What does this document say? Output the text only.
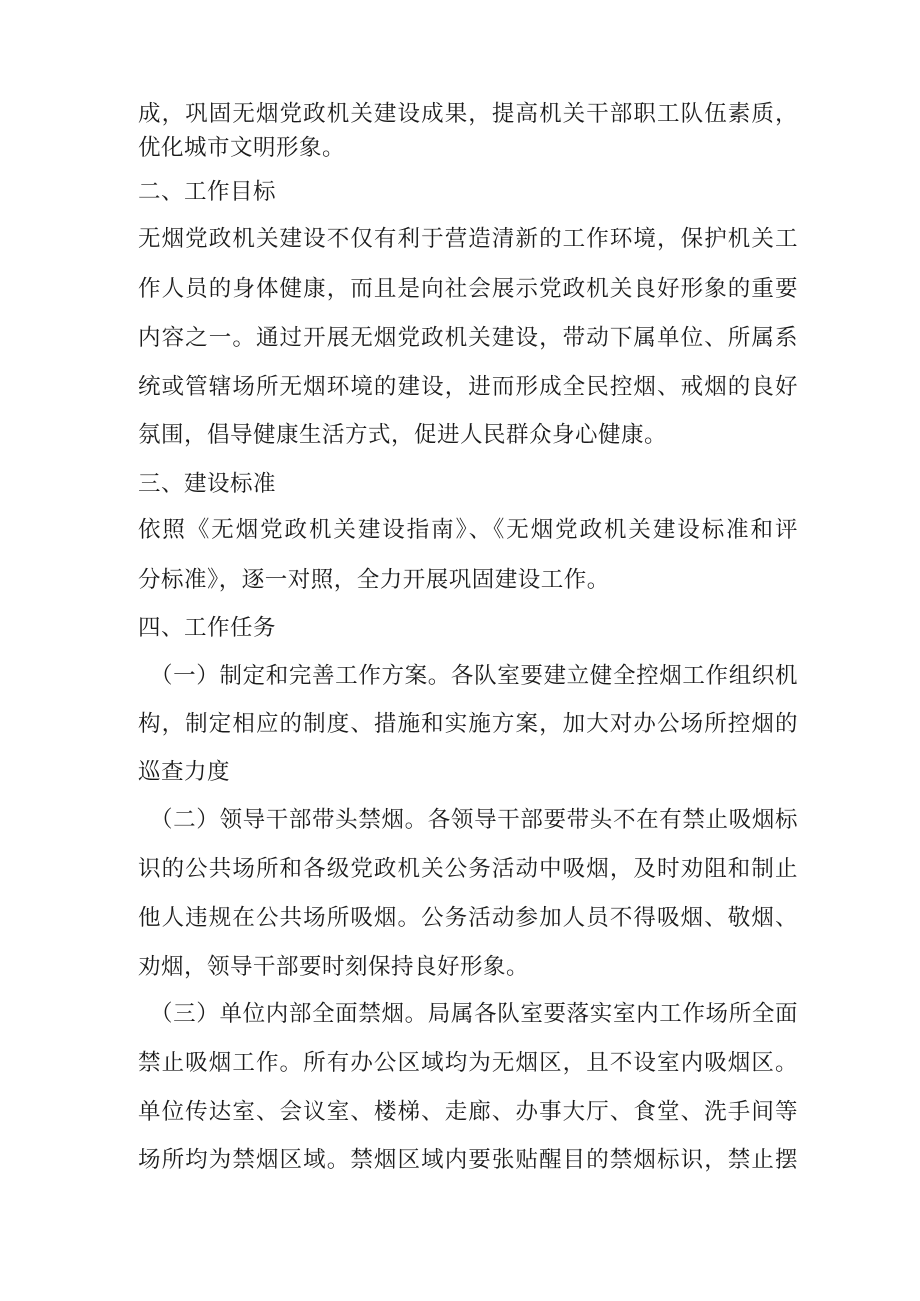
成，巩固无烟党政机关建设成果，提高机关干部职工队伍素质，
优化城市文明形象。
二、工作目标
无烟党政机关建设不仅有利于营造清新的工作环境，保护机关工
作人员的身体健康，而且是向社会展示党政机关良好形象的重要
内容之一。通过开展无烟党政机关建设，带动下属单位、所属系
统或管辖场所无烟环境的建设，进而形成全民控烟、戒烟的良好
氛围，倡导健康生活方式，促进人民群众身心健康。
三、建设标准
依照《无烟党政机关建设指南》、《无烟党政机关建设标准和评
分标准》，逐一对照，全力开展巩固建设工作。
四、工作任务
（一）制定和完善工作方案。各队室要建立健全控烟工作组织机
构，制定相应的制度、措施和实施方案，加大对办公场所控烟的
巡查力度
（二）领导干部带头禁烟。各领导干部要带头不在有禁止吸烟标
识的公共场所和各级党政机关公务活动中吸烟，及时劝阻和制止
他人违规在公共场所吸烟。公务活动参加人员不得吸烟、敬烟、
劝烟，领导干部要时刻保持良好形象。
（三）单位内部全面禁烟。局属各队室要落实室内工作场所全面
禁止吸烟工作。所有办公区域均为无烟区，且不设室内吸烟区。
单位传达室、会议室、楼梯、走廊、办事大厅、食堂、洗手间等
场所均为禁烟区域。禁烟区域内要张贴醒目的禁烟标识，禁止摆
